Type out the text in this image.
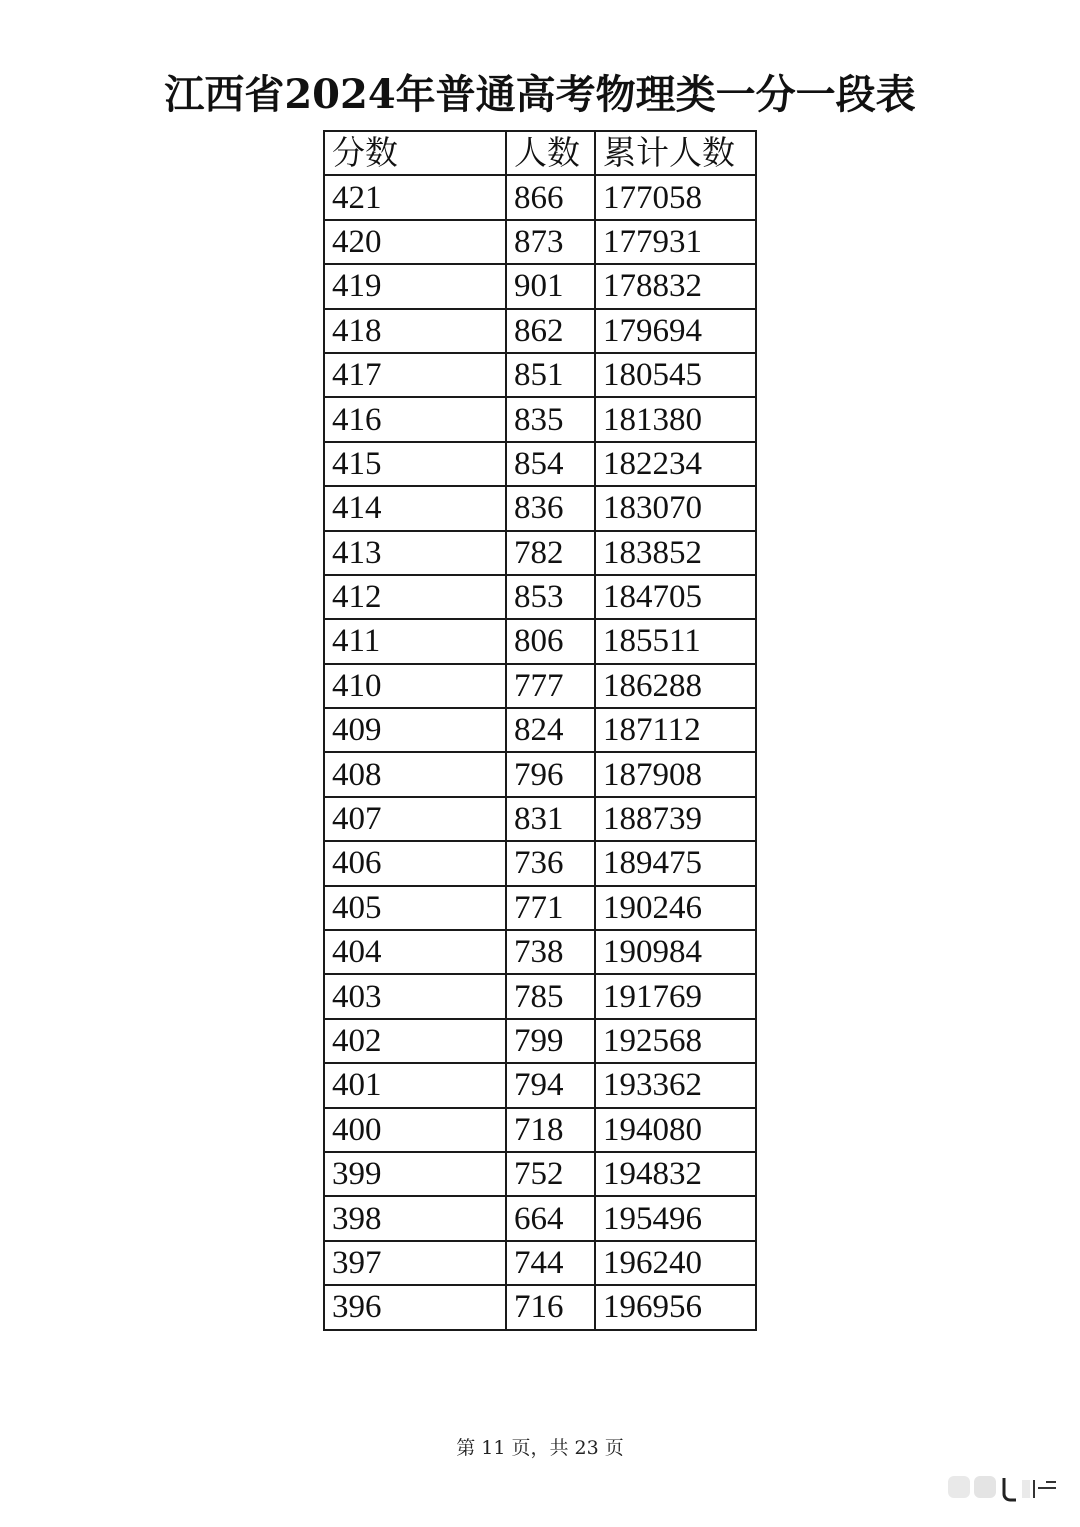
江西省2024年普通高考物理类一分一段表
分数	人数	累计人数
421	866	177058
420	873	177931
419	901	178832
418	862	179694
417	851	180545
416	835	181380
415	854	182234
414	836	183070
413	782	183852
412	853	184705
411	806	185511
410	777	186288
409	824	187112
408	796	187908
407	831	188739
406	736	189475
405	771	190246
404	738	190984
403	785	191769
402	799	192568
401	794	193362
400	718	194080
399	752	194832
398	664	195496
397	744	196240
396	716	196956
第 11 页，共 23 页
